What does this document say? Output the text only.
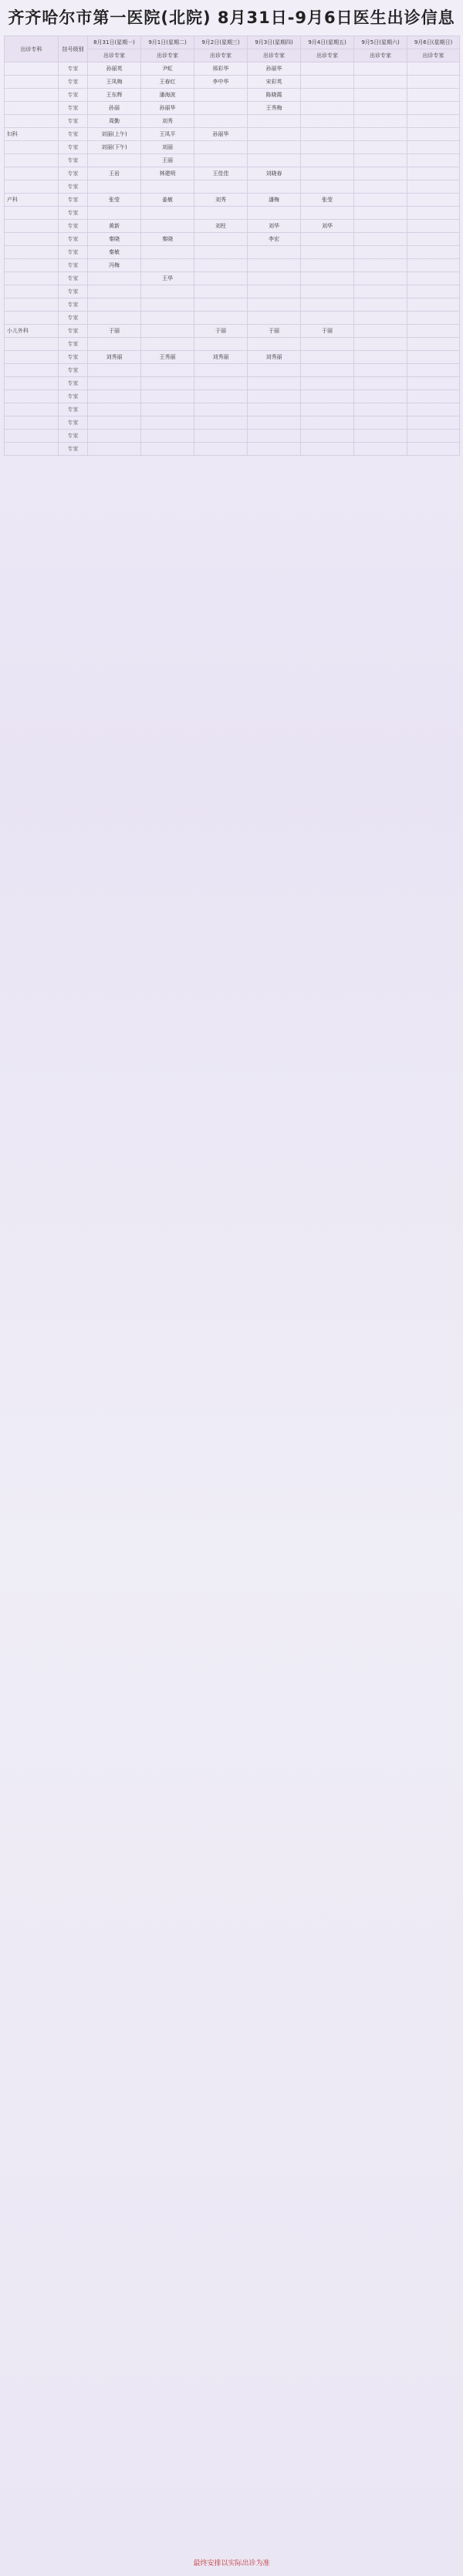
齐齐哈尔市第一医院(北院) 8月31日-9月6日医生出诊信息
出诊专科	挂号级别	8月31日(星期一)	9月1日(星期二)	9月2日(星期三)	9月3日(星期四)	9月4日(星期五)	9月5日(星期六)	9月6日(星期日)
		出诊专家	出诊专家	出诊专家	出诊专家	出诊专家	出诊专家	出诊专家
	专家	孙丽英	尹虹	邢彩华	孙丽华			
	专家	王凤梅	王春红	李中华	宋彩英			
	专家	王东辉	潘海波		陈晓霞			
	专家	孙丽	孙丽华		王秀梅			
	专家	周勤	刘秀					
妇科	专家	刘丽(上午)	王凤平	孙丽华				
	专家	刘丽(下午)	刘丽					
	专家		王丽					
	专家	王岩	林建明	王佳佳	刘晓春			
	专家							
产科	专家	张莹	姜敏	刘秀	潘梅	张莹		
	专家							
	专家	黄新		刘柱	刘华	刘华		
	专家	秦晓	秦晓		李宏			
	专家	秦敏						
	专家	冯梅						
	专家		王华					
	专家							
	专家							
	专家							
小儿外科	专家	于丽		于丽	于丽	于丽		
	专家							
	专家	刘秀丽	王秀丽	刘秀丽	刘秀丽			
	专家							
	专家							
	专家							
	专家							
	专家							
	专家							
	专家							
最终安排以实际出诊为准
